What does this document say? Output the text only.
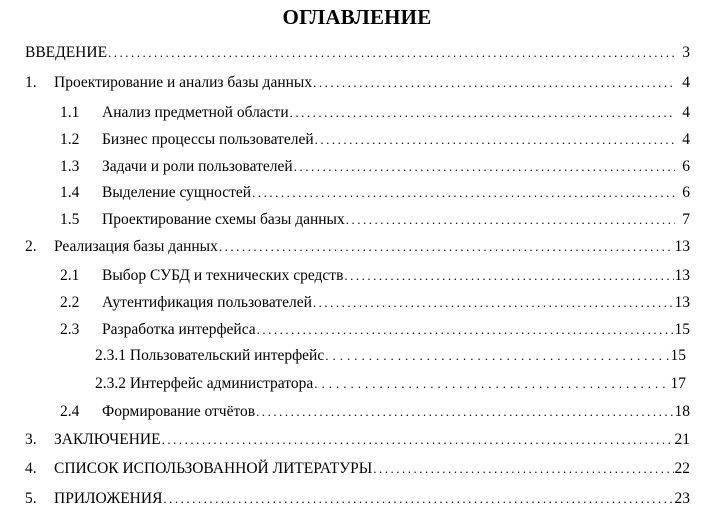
ОГЛАВЛЕНИЕ
ВВЕДЕНИЕ .....	3
1.	Проектирование и анализ базы данных .....	4
1.1	Анализ предметной области .....	4
1.2	Бизнес процессы пользователей .....	4
1.3	Задачи и роли пользователей .....	6
1.4	Выделение сущностей .....	6
1.5	Проектирование схемы базы данных .....	7
2.	Реализация базы данных .....	13
2.1	Выбор СУБД и технических средств .....	13
2.2	Аутентификация пользователей .....	13
2.3	Разработка интерфейса .....	15
2.3.1 Пользовательский интерфейс .....	15
2.3.2 Интерфейс администратора .....	17
2.4	Формирование отчётов .....	18
3.	ЗАКЛЮЧЕНИЕ .....	21
4.	СПИСОК ИСПОЛЬЗОВАННОЙ ЛИТЕРАТУРЫ .....	22
5.	ПРИЛОЖЕНИЯ .....	23
